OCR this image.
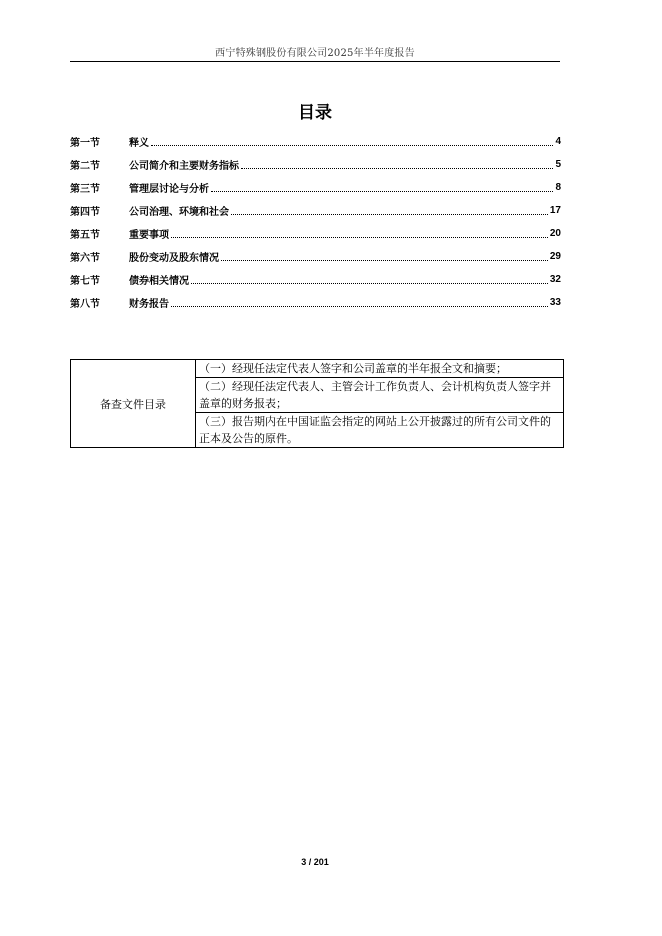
西宁特殊钢股份有限公司2025年半年度报告
目录
第一节	释义	4
第二节	公司简介和主要财务指标	5
第三节	管理层讨论与分析	8
第四节	公司治理、环境和社会	17
第五节	重要事项	20
第六节	股份变动及股东情况	29
第七节	债券相关情况	32
第八节	财务报告	33
备查文件目录	（一）经现任法定代表人签字和公司盖章的半年报全文和摘要；
（二）经现任法定代表人、主管会计工作负责人、会计机构负责人签字并盖章的财务报表；
（三）报告期内在中国证监会指定的网站上公开披露过的所有公司文件的正本及公告的原件。
3 / 201
